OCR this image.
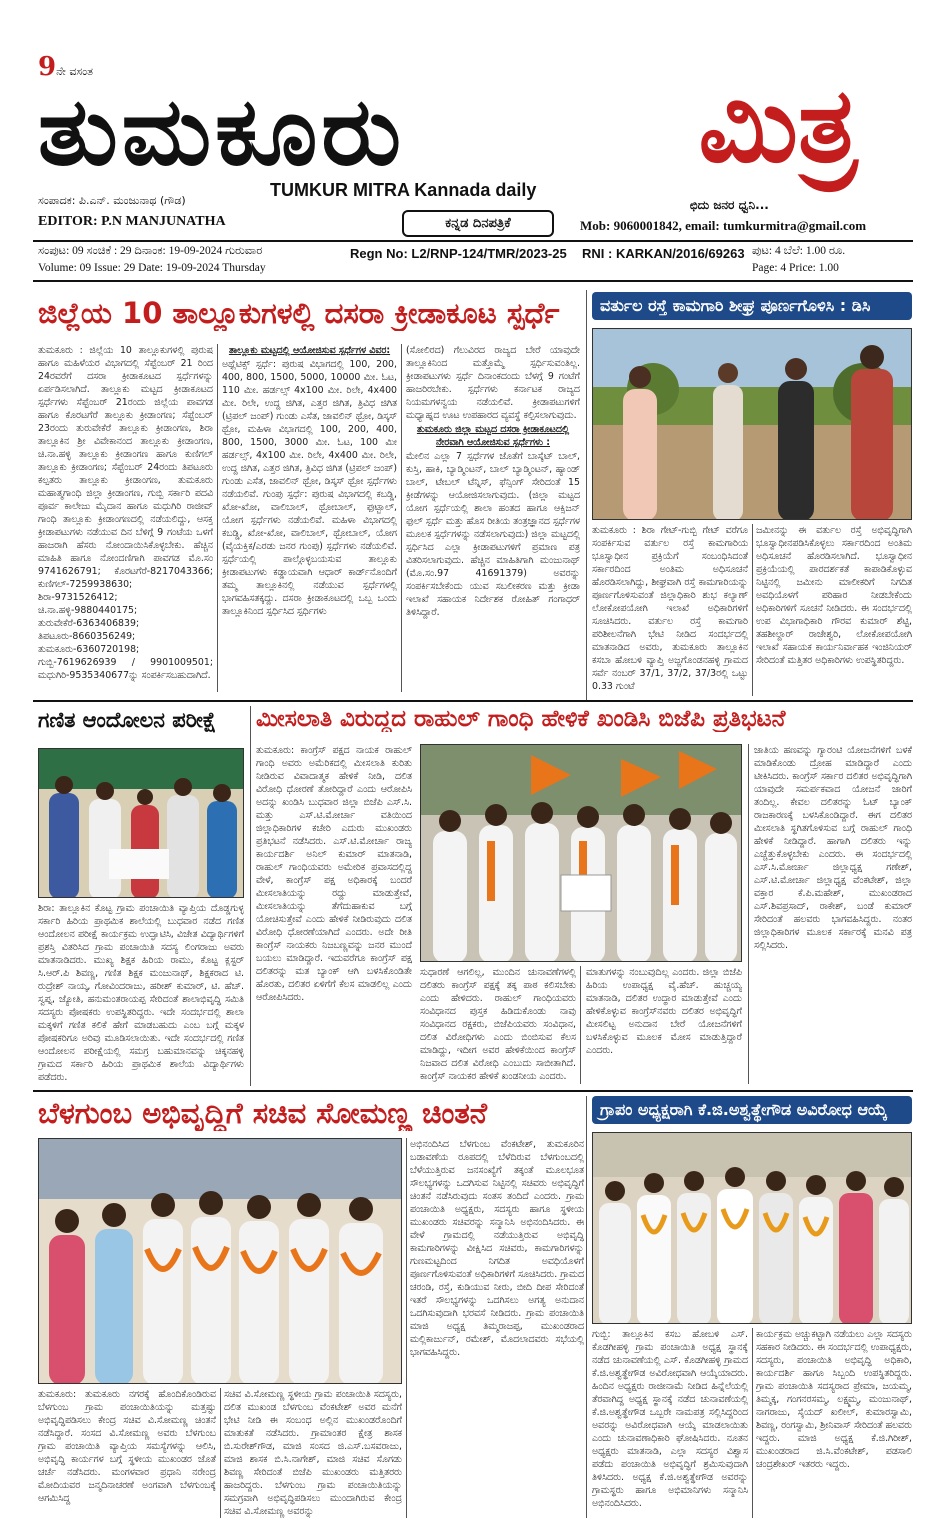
9ನೇ ವಸಂತ
ತುಮಕೂರು	ಮಿತ್ರ
TUMKUR MITRA Kannada daily
ಸಂಪಾದಕ: ಪಿ.ಎನ್. ಮಂಜುನಾಥ (ಗೌಡ)
EDITOR: P.N MANJUNATHA
ಛಿದು ಜನರ ಧ್ವನಿ...
ಕನ್ನಡ ದಿನಪತ್ರಿಕೆ	Mob: 9060001842, email: tumkurmitra@gmail.com
ಸಂಪುಟ: 09 ಸಂಚಿಕೆ : 29 ದಿನಾಂಕ: 19-09-2024 ಗುರುವಾರ
Volume: 09 Issue: 29 Date: 19-09-2024 Thursday
Regn No: L2/RNP-124/TMR/2023-25 RNI : KARKAN/2016/69263 ಪುಟ: 4 ಬೆಲೆ: 1.00 ರೂ.
Page: 4 Price: 1.00
ಜಿಲ್ಲೆಯ 10 ತಾಲ್ಲೂಕುಗಳಲ್ಲಿ ದಸರಾ ಕ್ರೀಡಾಕೂಟ ಸ್ಪರ್ಧೆ

ತುಮಕೂರು : ಜಿಲ್ಲೆಯ 10 ತಾಲ್ಲೂಕುಗಳಲ್ಲಿ ಪುರುಷ ಹಾಗೂ ಮಹಿಳೆಯರ ವಿಭಾಗದಲ್ಲಿ ಸೆಪ್ಟೆಂಬರ್ 21 ರಿಂದ 24ರವರೆಗೆ ದಸರಾ ಕ್ರೀಡಾಕೂಟದ ಸ್ಪರ್ಧೆಗಳನ್ನು ಏರ್ಪಡಿಸಲಾಗಿದೆ. ತಾಲ್ಲೂಕು ಮಟ್ಟದ ಕ್ರೀಡಾಕೂಟದ ಸ್ಪರ್ಧೆಗಳು ಸೆಪ್ಟೆಂಬರ್ 21ರಂದು ಜಿಲ್ಲೆಯ ಪಾವಗಡ ಹಾಗೂ ಕೊರಟಗೆರೆ ತಾಲ್ಲೂಕು ಕ್ರೀಡಾಂಗಣ; ಸೆಪ್ಟೆಂಬರ್ 23ರಂದು ತುರುವೇಕೆರೆ ತಾಲ್ಲೂಕು ಕ್ರೀಡಾಂಗಣ, ಶಿರಾ ತಾಲ್ಲೂಕಿನ ಶ್ರೀ ವಿವೇಕಾನಂದ ತಾಲ್ಲೂಕು ಕ್ರೀಡಾಂಗಣ, ಚಿ.ನಾ.ಹಳ್ಳಿ ತಾಲ್ಲೂಕು ಕ್ರೀಡಾಂಗಣ ಹಾಗೂ ಕುಣಿಗಲ್ ತಾಲ್ಲೂಕು ಕ್ರೀಡಾಂಗಣ; ಸೆಪ್ಟೆಂಬರ್ 24ರಂದು ತಿಪಟೂರು ಕಲ್ಪತರು ತಾಲ್ಲೂಕು ಕ್ರೀಡಾಂಗಣ, ತುಮಕೂರು ಮಹಾತ್ಮಗಾಂಧಿ ಜಿಲ್ಲಾ ಕ್ರೀಡಾಂಗಣ, ಗುಬ್ಬಿ ಸರ್ಕಾರಿ ಪದವಿ ಪೂರ್ವ ಕಾಲೇಜು ಮೈದಾನ ಹಾಗೂ ಮಧುಗಿರಿ ರಾಜೀವ್ ಗಾಂಧಿ ತಾಲ್ಲೂಕು ಕ್ರೀಡಾಂಗಣದಲ್ಲಿ ನಡೆಯಲಿದ್ದು, ಆಸಕ್ತ ಕ್ರೀಡಾಪಟುಗಳು ನಡೆಯುವ ದಿನ ಬೆಳಿಗ್ಗೆ 9 ಗಂಟೆಯ ಒಳಗೆ ಹಾಜರಾಗಿ ಹೆಸರು ನೋಂದಾಯಿಸಿಕೊಳ್ಳಬೇಕು. ಹೆಚ್ಚಿನ ಮಾಹಿತಿ ಹಾಗೂ ನೋಂದಣಿಗಾಗಿ ಪಾವಗಡ ಮೊ.ಸಂ 9741626791; ಕೊರಟಗೆರೆ-8217043366; ಕುಣಿಗಲ್-7259938630; ಶಿರಾ-9731526412; ಚಿ.ನಾ.ಹಳ್ಳಿ-9880440175; ತುರುವೇಕೆರೆ-6363406839; ತಿಪಟೂರು-8660356249; ತುಮಕೂರು-6360720198; ಗುಬ್ಬಿ-7619626939 / 9901009501; ಮಧುಗಿರಿ-9535340677ನ್ನು ಸಂಪರ್ಕಿಸಬಹುದಾಗಿದೆ.

ತಾಲ್ಲೂಕು ಮಟ್ಟದಲ್ಲಿ ಆಯೋಜಿಸುವ ಸ್ಪರ್ಧೆಗಳ ವಿವರ:

ಅಥ್ಲೆಟಿಕ್ಸ್ ಸ್ಪರ್ಧೆ: ಪುರುಷ ವಿಭಾಗದಲ್ಲಿ 100, 200, 400, 800, 1500, 5000, 10000 ಮೀ. ಓಟ, 110 ಮೀ. ಹರ್ಡಲ್ಸ್ 4x100 ಮೀ. ರಿಲೇ, 4x400 ಮೀ. ರಿಲೇ, ಉದ್ದ ಜಿಗಿತ, ಎತ್ತರ ಜಿಗಿತ, ತ್ರಿವಿಧ ಜಿಗಿತ (ಟ್ರಿಪಲ್ ಜಂಪ್) ಗುಂಡು ಎಸೆತ, ಜಾವಲಿನ್ ಥ್ರೋ, ಡಿಸ್ಕಸ್ ಥ್ರೋ, ಮಹಿಳಾ ವಿಭಾಗದಲ್ಲಿ 100, 200, 400, 800, 1500, 3000 ಮೀ. ಓಟ, 100 ಮೀ ಹರ್ಡಲ್ಸ್, 4x100 ಮೀ. ರಿಲೇ, 4x400 ಮೀ. ರಿಲೇ, ಉದ್ದ ಜಿಗಿತ, ಎತ್ತರ ಜಿಗಿತ, ತ್ರಿವಿಧ ಜಿಗಿತ (ಟ್ರಿಪಲ್ ಜಂಪ್) ಗುಂಡು ಎಸೆತ, ಜಾವಲಿನ್ ಥ್ರೋ, ಡಿಸ್ಕಸ್ ಥ್ರೋ ಸ್ಪರ್ಧೆಗಳು ನಡೆಯಲಿವೆ. ಗುಂಪು ಸ್ಪರ್ಧೆ: ಪುರುಷ ವಿಭಾಗದಲ್ಲಿ ಕಬಡ್ಡಿ, ಖೋ-ಖೋ, ವಾಲಿಬಾಲ್, ಥ್ರೋಬಾಲ್, ಫುಟ್ಬಾಲ್, ಯೋಗ ಸ್ಪರ್ಧೆಗಳು ನಡೆಯಲಿವೆ. ಮಹಿಳಾ ವಿಭಾಗದಲ್ಲಿ ಕಬಡ್ಡಿ, ಖೋ-ಖೋ, ವಾಲಿಬಾಲ್, ಥ್ರೋಬಾಲ್, ಯೋಗ (ವೈಯಕ್ತಿಕ/ಎರಡು ಜನರ ಗುಂಪು) ಸ್ಪರ್ಧೆಗಳು ನಡೆಯಲಿವೆ. ಸ್ಪರ್ಧೆಯಲ್ಲಿ ಪಾಲ್ಗೊಳ್ಳಬಯಸುವ ತಾಲ್ಲೂಕು ಕ್ರೀಡಾಪಟುಗಳು ಕಡ್ಡಾಯವಾಗಿ ಆಧಾರ್ ಕಾರ್ಡ್‌ನೊಂದಿಗೆ ತಮ್ಮ ತಾಲ್ಲೂಕಿನಲ್ಲಿ ನಡೆಯುವ ಸ್ಪರ್ಧೆಗಳಲ್ಲಿ ಭಾಗವಹಿಸತಕ್ಕದ್ದು. ದಸರಾ ಕ್ರೀಡಾಕೂಟದಲ್ಲಿ ಒಬ್ಬ ಒಂದು ತಾಲ್ಲೂಕಿನಿಂದ ಸ್ಪರ್ಧಿಸಿದ ಸ್ಪರ್ಧಿಗಳು

(ಸೋಲಿರದ) ಗೆಲುವಿರದ ರಾಜ್ಯದ ಬೇರೆ ಯಾವುದೇ ತಾಲ್ಲೂಕಿನಿಂದ ಮತ್ತೊಮ್ಮೆ ಸ್ಪರ್ಧಿಸುವಂತಿಲ್ಲ. ಕ್ರೀಡಾಪಟುಗಳು ಸ್ಪರ್ಧೆ ದಿನಾಂಕದಂದು ಬೆಳಗ್ಗೆ 9 ಗಂಟೆಗೆ ಹಾಜರಿರಬೇಕು. ಸ್ಪರ್ಧೆಗಳು ಕರ್ನಾಟಕ ರಾಜ್ಯದ ನಿಯಮಗಳನ್ವಯ ನಡೆಯಲಿವೆ. ಕ್ರೀಡಾಪಟುಗಳಿಗೆ ಮಧ್ಯಾಹ್ನದ ಊಟ ಉಪಹಾರದ ವ್ಯವಸ್ಥೆ ಕಲ್ಪಿಸಲಾಗುವುದು.

ತುಮಕೂರು ಜಿಲ್ಲಾ ಮಟ್ಟದ ದಸರಾ ಕ್ರೀಡಾಕೂಟದಲ್ಲಿ ನೇರವಾಗಿ ಆಯೋಜಿಸುವ ಸ್ಪರ್ಧೆಗಳು :

ಮೇಲಿನ ಎಲ್ಲಾ 7 ಸ್ಪರ್ಧೆಗಳ ಜೊತೆಗೆ ಬಾಸ್ಕೆಟ್ ಬಾಲ್, ಕುಸ್ತಿ, ಹಾಕಿ, ಬ್ಯಾಡ್ಮಿಂಟನ್, ಬಾಲ್ ಬ್ಯಾಡ್ಮಿಂಟನ್, ಹ್ಯಾಂಡ್ ಬಾಲ್, ಟೇಬಲ್ ಟೆನ್ನಿಸ್, ಫೆನ್ಸಿಂಗ್ ಸೇರಿದಂತೆ 15 ಕ್ರೀಡೆಗಳನ್ನು ಆಯೋಜಿಸಲಾಗುವುದು. (ಜಿಲ್ಲಾ ಮಟ್ಟದ ಯೋಗ ಸ್ಪರ್ಧೆಯಲ್ಲಿ ಶಾಲಾ ಹಂತದ ಹಾಗೂ ಆಕ್ಸಿಜನ್ ಫುಲ್ ಸ್ಪರ್ಧೆ ಮತ್ತು ಹೊಸ ರೀತಿಯ ತಂತ್ರಜ್ಞಾನದ ಸ್ಪರ್ಧೆಗಳ ಮೂಲಕ ಸ್ಪರ್ಧೆಗಳನ್ನು ನಡೆಸಲಾಗುವುದು) ಜಿಲ್ಲಾ ಮಟ್ಟದಲ್ಲಿ ಸ್ಪರ್ಧಿಸಿದ ಎಲ್ಲಾ ಕ್ರೀಡಾಪಟುಗಳಿಗೆ ಪ್ರಮಾಣ ಪತ್ರ ವಿತರಿಸಲಾಗುವುದು. ಹೆಚ್ಚಿನ ಮಾಹಿತಿಗಾಗಿ ಮಂಜುನಾಥ್ (ಮೊ.ಸಂ.97 41691379) ಅವರನ್ನು ಸಂಪರ್ಕಿಸಬೇಕೆಂದು ಯುವ ಸಬಲೀಕರಣ ಮತ್ತು ಕ್ರೀಡಾ ಇಲಾಖೆ ಸಹಾಯಕ ನಿರ್ದೇಶಕ ರೋಹಿತ್ ಗಂಗಾಧರ್ ತಿಳಿಸಿದ್ದಾರೆ.

ವರ್ತುಲ ರಸ್ತೆ ಕಾಮಗಾರಿ ಶೀಘ್ರ ಪೂರ್ಣಗೊಳಿಸಿ : ಡಿಸಿ

ತುಮಕೂರು : ಶಿರಾ ಗೇಟ್-ಗುಬ್ಬಿ ಗೇಟ್ ವರೆಗೂ ಸಂಪರ್ಕಿಸುವ ವರ್ತುಲ ರಸ್ತೆ ಕಾಮಗಾರಿಯ ಭೂಸ್ವಾಧೀನ ಪ್ರಕ್ರಿಯೆಗೆ ಸಂಬಂಧಿಸಿದಂತೆ ಸರ್ಕಾರದಿಂದ ಅಂತಿಮ ಅಧಿಸೂಚನೆ ಹೊರಡಿಸಲಾಗಿದ್ದು, ಶೀಘ್ರವಾಗಿ ರಸ್ತೆ ಕಾಮಗಾರಿಯನ್ನು ಪೂರ್ಣಗೊಳಿಸುವಂತೆ ಜಿಲ್ಲಾಧಿಕಾರಿ ಶುಭ ಕಲ್ಯಾಣ್ ಲೋಕೋಪಯೋಗಿ ಇಲಾಖೆ ಅಧಿಕಾರಿಗಳಿಗೆ ಸೂಚಿಸಿದರು. ವರ್ತುಲ ರಸ್ತೆ ಕಾಮಗಾರಿ ಪರಿಶೀಲನೆಗಾಗಿ ಭೇಟಿ ನೀಡಿದ ಸಂದರ್ಭದಲ್ಲಿ ಮಾತನಾಡಿದ ಅವರು, ತುಮಕೂರು ತಾಲ್ಲೂಕಿನ ಕಸಬಾ ಹೋಬಳಿ ವ್ಯಾಪ್ತಿ ಅಜ್ಜಗೊಂಡನಹಳ್ಳಿ ಗ್ರಾಮದ ಸರ್ವೆ ನಂಬರ್ 37/1, 37/2, 37/3ರಲ್ಲಿ ಒಟ್ಟು 0.33 ಗುಂಟೆ

ಜಮೀನನ್ನು ಈ ವರ್ತುಲ ರಸ್ತೆ ಅಭಿವೃದ್ಧಿಗಾಗಿ ಭೂಸ್ವಾಧೀನಪಡಿಸಿಕೊಳ್ಳಲು ಸರ್ಕಾರದಿಂದ ಅಂತಿಮ ಅಧಿಸೂಚನೆ ಹೊರಡಿಸಲಾಗಿದೆ. ಭೂಸ್ವಾಧೀನ ಪ್ರಕ್ರಿಯೆಯಲ್ಲಿ ಪಾರದರ್ಶಕತೆ ಕಾಪಾಡಿಕೊಳ್ಳುವ ನಿಟ್ಟಿನಲ್ಲಿ ಜಮೀನು ಮಾಲೀಕರಿಗೆ ನಿಗದಿತ ಅವಧಿಯೊಳಗೆ ಪರಿಹಾರ ನೀಡಬೇಕೆಂದು ಅಧಿಕಾರಿಗಳಿಗೆ ಸೂಚನೆ ನೀಡಿದರು. ಈ ಸಂದರ್ಭದಲ್ಲಿ ಉಪ ವಿಭಾಗಾಧಿಕಾರಿ ಗೌರವ ಕುಮಾರ್ ಶೆಟ್ಟಿ, ತಹಶೀಲ್ದಾರ್ ರಾಜೇಶ್ವರಿ, ಲೋಕೋಪಯೋಗಿ ಇಲಾಖೆ ಸಹಾಯಕ ಕಾರ್ಯನಿರ್ವಾಹಕ ಇಂಜಿನಿಯರ್ ಸೇರಿದಂತೆ ಮತ್ತಿತರ ಅಧಿಕಾರಿಗಳು ಉಪಸ್ಥಿತರಿದ್ದರು.

ಗಣಿತ ಆಂದೋಲನ ಪರೀಕ್ಷೆ

ಶಿರಾ: ತಾಲ್ಲೂಕಿನ ಕೊಟ್ಟ ಗ್ರಾಮ ಪಂಚಾಯಿತಿ ವ್ಯಾಪ್ತಿಯ ದೊಡ್ಡಗುಳ್ಳ ಸರ್ಕಾರಿ ಹಿರಿಯ ಪ್ರಾಥಮಿಕ ಶಾಲೆಯಲ್ಲಿ ಬುಧವಾರ ನಡೆದ ಗಣಿತ ಆಂದೋಲನ ಪರೀಕ್ಷೆ ಕಾರ್ಯಕ್ರಮ ಉದ್ಘಾಟಿಸಿ, ವಿಜೇತ ವಿದ್ಯಾರ್ಥಿಗಳಿಗೆ ಪ್ರಶಸ್ತಿ ವಿತರಿಸಿದ ಗ್ರಾಮ ಪಂಚಾಯಿತಿ ಸದಸ್ಯ ಲಿಂಗರಾಜು ಅವರು ಮಾತನಾಡಿದರು. ಮುಖ್ಯ ಶಿಕ್ಷಕ ಹಿರಿಯ ರಾಮು, ಕೊಟ್ಟ ಕ್ಲಸ್ಟರ್ ಸಿ.ಆರ್.ಪಿ ಶಿವಣ್ಣ, ಗಣಿತ ಶಿಕ್ಷಕ ಮಂಜುನಾಥ್, ಶಿಕ್ಷಕರಾದ ಟಿ. ರುದ್ರೇಶ್ ನಾಯ್ಕ, ಗೋವಿಂದರಾಜು, ಹರೀಶ್ ಕುಮಾರ್, ಟಿ. ಹೆಚ್. ಸ್ವಪ್ನ, ಜ್ಯೋತಿ, ಹನುಮಂತರಾಯಪ್ಪ ಸೇರಿದಂತೆ ಶಾಲಾಭಿವೃದ್ಧಿ ಸಮಿತಿ ಸದಸ್ಯರು ಪೋಷಕರು ಉಪಸ್ಥಿತರಿದ್ದರು. ಇದೇ ಸಂದರ್ಭದಲ್ಲಿ ಶಾಲಾ ಮಕ್ಕಳಿಗೆ ಗಣಿತ ಕಲಿಕೆ ಹೇಗೆ ಮಾಡಬಹುದು ಎಂಬ ಬಗ್ಗೆ ಮಕ್ಕಳ ಪೋಷಕರಿಗೂ ಅರಿವು ಮೂಡಿಸಲಾಯಿತು. ಇದೇ ಸಂದರ್ಭದಲ್ಲಿ ಗಣಿತ ಆಂದೋಲನ ಪರೀಕ್ಷೆಯಲ್ಲಿ ಸಮಗ್ರ ಬಹುಮಾನವನ್ನು ಚಿಕ್ಕನಹಳ್ಳಿ ಗ್ರಾಮದ ಸರ್ಕಾರಿ ಹಿರಿಯ ಪ್ರಾಥಮಿಕ ಶಾಲೆಯ ವಿದ್ಯಾರ್ಥಿಗಳು ಪಡೆದರು.

ಮೀಸಲಾತಿ ವಿರುದ್ಧದ ರಾಹುಲ್ ಗಾಂಧಿ ಹೇಳಿಕೆ ಖಂಡಿಸಿ ಬಿಜೆಪಿ ಪ್ರತಿಭಟನೆ

ತುಮಕೂರು: ಕಾಂಗ್ರೆಸ್ ಪಕ್ಷದ ನಾಯಕ ರಾಹುಲ್ ಗಾಂಧಿ ಅವರು ಅಮೆರಿಕದಲ್ಲಿ ಮೀಸಲಾತಿ ಕುರಿತು ನೀಡಿರುವ ವಿವಾದಾತ್ಮಕ ಹೇಳಿಕೆ ನೀಡಿ, ದಲಿತ ವಿರೋಧಿ ಧೋರಣೆ ತೋರಿದ್ದಾರೆ ಎಂದು ಆರೋಪಿಸಿ ಅದನ್ನು ಖಂಡಿಸಿ ಬುಧವಾರ ಜಿಲ್ಲಾ ಬಿಜೆಪಿ ಎಸ್.ಸಿ. ಮತ್ತು ಎಸ್.ಟಿ.ಮೋರ್ಚಾ ವತಿಯಿಂದ ಜಿಲ್ಲಾಧಿಕಾರಿಗಳ ಕಚೇರಿ ಎದುರು ಮುಖಂಡರು ಪ್ರತಿಭಟನೆ ನಡೆಸಿದರು. ಎಸ್.ಟಿ.ಮೋರ್ಚಾ ರಾಜ್ಯ ಕಾರ್ಯದರ್ಶಿ ಅನಿಲ್ ಕುಮಾರ್ ಮಾತನಾಡಿ, ರಾಹುಲ್ ಗಾಂಧಿಯವರು ಅಮೇರಿಕ ಪ್ರವಾಸದಲ್ಲಿದ್ದ ವೇಳೆ, ಕಾಂಗ್ರೆಸ್ ಪಕ್ಷ ಅಧಿಕಾರಕ್ಕೆ ಬಂದರೆ ಮೀಸಲಾತಿಯನ್ನು ರದ್ದು ಮಾಡುತ್ತೇವೆ, ಮೀಸಲಾತಿಯನ್ನು ತೆಗೆದುಹಾಕುವ ಬಗ್ಗೆ ಯೋಚಿಸುತ್ತೇವೆ ಎಂದು ಹೇಳಿಕೆ ನೀಡಿರುವುದು ದಲಿತ ವಿರೋಧಿ ಧೋರಣೆಯಾಗಿದೆ ಎಂದರು. ಅದೇ ರೀತಿ ಕಾಂಗ್ರೆಸ್ ನಾಯಕರು ನಿಜಬಣ್ಣವನ್ನು ಜನರ ಮುಂದೆ ಬಯಲು ಮಾಡಿದ್ದಾರೆ. ಇದುವರೆಗೂ ಕಾಂಗ್ರೆಸ್ ಪಕ್ಷ ದಲಿತರನ್ನು ಮತ ಬ್ಯಾಂಕ್ ಆಗಿ ಬಳಸಿಕೊಂಡಿತೇ ಹೊರತು, ದಲಿತರ ಏಳಿಗೆಗೆ ಕೆಲಸ ಮಾಡಲಿಲ್ಲ ಎಂದು ಆರೋಪಿಸಿದರು.

ಸುಧಾರಣೆ ಆಗಲಿಲ್ಲ, ಮುಂದಿನ ಚುನಾವಣೆಗಳಲ್ಲಿ ದಲಿತರು ಕಾಂಗ್ರೆಸ್ ಪಕ್ಷಕ್ಕೆ ತಕ್ಕ ಪಾಠ ಕಲಿಸಬೇಕು ಎಂದು ಹೇಳಿದರು. ರಾಹುಲ್ ಗಾಂಧಿಯವರು ಸಂವಿಧಾನದ ಪುಸ್ತಕ ಹಿಡಿದುಕೊಂಡು ನಾವು ಸಂವಿಧಾನದ ರಕ್ಷಕರು, ಬಿಜೆಪಿಯವರು ಸಂವಿಧಾನ, ದಲಿತ ವಿರೋಧಿಗಳು ಎಂದು ಬಿಂಬಿಸುವ ಕೆಲಸ ಮಾಡಿದ್ದು, ಇದೀಗ ಅವರ ಹೇಳಿಕೆಯಿಂದ ಕಾಂಗ್ರೆಸ್ ನಿಜವಾದ ದಲಿತ ವಿರೋಧಿ ಎಂಬುದು ಸಾಬೀತಾಗಿದೆ. ಕಾಂಗ್ರೆಸ್ ನಾಯಕರ ಹೇಳಿಕೆ ಖಂಡನೀಯ ಎಂದರು.

ಮಾತುಗಳನ್ನು ನಂಬುವುದಿಲ್ಲ ಎಂದರು. ಜಿಲ್ಲಾ ಬಿಜೆಪಿ ಹಿರಿಯ ಉಪಾಧ್ಯಕ್ಷ ವೈ.ಹೆಚ್. ಹುಚ್ಚಯ್ಯ ಮಾತನಾಡಿ, ದಲಿತರ ಉದ್ಧಾರ ಮಾಡುತ್ತೇವೆ ಎಂದು ಹೇಳಿಕೊಳ್ಳುವ ಕಾಂಗ್ರೆಸ್‌ನವರು ದಲಿತರ ಅಭಿವೃದ್ಧಿಗೆ ಮೀಸಲಿಟ್ಟ ಅನುದಾನ ಬೇರೆ ಯೋಜನೆಗಳಿಗೆ ಬಳಸಿಕೊಳ್ಳುವ ಮೂಲಕ ಮೋಸ ಮಾಡುತ್ತಿದ್ದಾರೆ ಎಂದರು.

ಜಾತಿಯ ಹಣವನ್ನು ಗ್ಯಾರಂಟಿ ಯೋಜನೆಗಳಿಗೆ ಬಳಕೆ ಮಾಡಿಕೊಂಡು ದ್ರೋಹ ಮಾಡಿದ್ದಾರೆ ಎಂದು ಟೀಕಿಸಿದರು. ಕಾಂಗ್ರೆಸ್ ಸರ್ಕಾರ ದಲಿತರ ಅಭಿವೃದ್ಧಿಗಾಗಿ ಯಾವುದೇ ಸಮರ್ಪಕವಾದ ಯೋಜನೆ ಜಾರಿಗೆ ತಂದಿಲ್ಲ. ಕೇವಲ ದಲಿತರನ್ನು ಓಟ್ ಬ್ಯಾಂಕ್ ರಾಜಕಾರಣಕ್ಕೆ ಬಳಸಿಕೊಂಡಿದ್ದಾರೆ. ಈಗ ದಲಿತರ ಮೀಸಲಾತಿ ಸ್ಥಗಿತಗೊಳಿಸುವ ಬಗ್ಗೆ ರಾಹುಲ್ ಗಾಂಧಿ ಹೇಳಿಕೆ ನೀಡಿದ್ದಾರೆ. ಹಾಗಾಗಿ ದಲಿತರು ಇನ್ನು ಎಚ್ಚೆತ್ತುಕೊಳ್ಳಬೇಕು ಎಂದರು. ಈ ಸಂದರ್ಭದಲ್ಲಿ ಎಸ್.ಸಿ.ಮೋರ್ಚಾ ಜಿಲ್ಲಾಧ್ಯಕ್ಷ ಗಣೇಶ್, ಎಸ್.ಟಿ.ಮೋರ್ಚಾ ಜಿಲ್ಲಾಧ್ಯಕ್ಷ ವೆಂಕಟೇಶ್, ಜಿಲ್ಲಾ ವಕ್ತಾರ ಕೆ.ಪಿ.ಮಹೇಶ್, ಮುಖಂಡರಾದ ಎಸ್.ಶಿವಪ್ರಸಾದ್, ರಾಕೇಶ್, ಬಂಡೆ ಕುಮಾರ್ ಸೇರಿದಂತೆ ಹಲವರು ಭಾಗವಹಿಸಿದ್ದರು. ನಂತರ ಜಿಲ್ಲಾಧಿಕಾರಿಗಳ ಮೂಲಕ ಸರ್ಕಾರಕ್ಕೆ ಮನವಿ ಪತ್ರ ಸಲ್ಲಿಸಿದರು.

ಬೆಳಗುಂಬ ಅಭಿವೃದ್ಧಿಗೆ ಸಚಿವ ಸೋಮಣ್ಣ ಚಿಂತನೆ

ತುಮಕೂರು: ತುಮಕೂರು ನಗರಕ್ಕೆ ಹೊಂದಿಕೊಂಡಿರುವ ಬೆಳಗುಂಬ ಗ್ರಾಮ ಪಂಚಾಯಿತಿಯನ್ನು ಮತ್ತಷ್ಟು ಅಭಿವೃದ್ಧಿಪಡಿಸಲು ಕೇಂದ್ರ ಸಚಿವ ವಿ.ಸೋಮಣ್ಣ ಚಿಂತನೆ ನಡೆಸಿದ್ದಾರೆ. ಸಂಸದ ವಿ.ಸೋಮಣ್ಣ ಅವರು ಬೆಳಗುಂಬ ಗ್ರಾಮ ಪಂಚಾಯಿತಿ ವ್ಯಾಪ್ತಿಯ ಸಮಸ್ಯೆಗಳನ್ನು ಆಲಿಸಿ, ಅಭಿವೃದ್ಧಿ ಕಾರ್ಯಗಳ ಬಗ್ಗೆ ಸ್ಥಳೀಯ ಮುಖಂಡರ ಜೊತೆ ಚರ್ಚೆ ನಡೆಸಿದರು. ಮಂಗಳವಾರ ಪ್ರಧಾನಿ ನರೇಂದ್ರ ಮೋದಿಯವರ ಜನ್ಮದಿನಾಚರಣೆ ಅಂಗವಾಗಿ ಬೆಳಗುಂಬಕ್ಕೆ ಆಗಮಿಸಿದ್ದ

ಸಚಿವ ವಿ.ಸೋಮಣ್ಣ ಸ್ಥಳೀಯ ಗ್ರಾಮ ಪಂಚಾಯಿತಿ ಸದಸ್ಯರು, ದಲಿತ ಮುಖಂಡ ಬೆಳಗುಂಬ ವೆಂಕಟೇಶ್ ಅವರ ಮನೆಗೆ ಭೇಟಿ ನೀಡಿ ಈ ಸಂಬಂಧ ಅಲ್ಲಿನ ಮುಖಂಡರೊಂದಿಗೆ ಮಾತುಕತೆ ನಡೆಸಿದರು. ಗ್ರಾಮಾಂತರ ಕ್ಷೇತ್ರ ಶಾಸಕ ಬಿ.ಸುರೇಶ್‌ಗೌಡ, ಮಾಜಿ ಸಂಸದ ಜಿ.ಎಸ್.ಬಸವರಾಜು, ಮಾಜಿ ಶಾಸಕ ಬಿ.ಸಿ.ನಾಗೇಶ್, ಮಾಜಿ ಸಚಿವ ಸೊಗಡು ಶಿವಣ್ಣ ಸೇರಿದಂತೆ ಬಿಜೆಪಿ ಮುಖಂಡರು ಮತ್ತಿತರರು ಹಾಜರಿದ್ದರು. ಬೆಳಗುಂಬ ಗ್ರಾಮ ಪಂಚಾಯಿತಿಯನ್ನು ಸಮಗ್ರವಾಗಿ ಅಭಿವೃದ್ಧಿಪಡಿಸಲು ಮುಂದಾಗಿರುವ ಕೇಂದ್ರ ಸಚಿವ ವಿ.ಸೋಮಣ್ಣ ಅವರನ್ನು

ಅಭಿನಂದಿಸಿದ ಬೆಳಗುಂಬ ವೆಂಕಟೇಶ್, ತುಮಕೂರಿನ ಬಡಾವಣೆಯ ರೂಪದಲ್ಲಿ ಬೆಳೆದಿರುವ ಬೆಳಗುಂಬದಲ್ಲಿ ಬೆಳೆಯುತ್ತಿರುವ ಜನಸಂಖ್ಯೆಗೆ ತಕ್ಕಂತೆ ಮೂಲಭೂತ ಸೌಲಭ್ಯಗಳನ್ನು ಒದಗಿಸುವ ನಿಟ್ಟಿನಲ್ಲಿ ಸಚಿವರು ಅಭಿವೃದ್ಧಿಗೆ ಚಿಂತನೆ ನಡೆಸಿರುವುದು ಸಂತಸ ತಂದಿದೆ ಎಂದರು. ಗ್ರಾಮ ಪಂಚಾಯಿತಿ ಅಧ್ಯಕ್ಷರು, ಸದಸ್ಯರು ಹಾಗೂ ಸ್ಥಳೀಯ ಮುಖಂಡರು ಸಚಿವರನ್ನು ಸನ್ಮಾನಿಸಿ ಅಭಿನಂದಿಸಿದರು. ಈ ವೇಳೆ ಗ್ರಾಮದಲ್ಲಿ ನಡೆಯುತ್ತಿರುವ ಅಭಿವೃದ್ಧಿ ಕಾಮಗಾರಿಗಳನ್ನು ವೀಕ್ಷಿಸಿದ ಸಚಿವರು, ಕಾಮಗಾರಿಗಳನ್ನು ಗುಣಮಟ್ಟದಿಂದ ನಿಗದಿತ ಅವಧಿಯೊಳಗೆ ಪೂರ್ಣಗೊಳಿಸುವಂತೆ ಅಧಿಕಾರಿಗಳಿಗೆ ಸೂಚಿಸಿದರು. ಗ್ರಾಮದ ಚರಂಡಿ, ರಸ್ತೆ, ಕುಡಿಯುವ ನೀರು, ಬೀದಿ ದೀಪ ಸೇರಿದಂತೆ ಇತರೆ ಸೌಲಭ್ಯಗಳನ್ನು ಒದಗಿಸಲು ಅಗತ್ಯ ಅನುದಾನ ಒದಗಿಸುವುದಾಗಿ ಭರವಸೆ ನೀಡಿದರು. ಗ್ರಾಮ ಪಂಚಾಯಿತಿ ಮಾಜಿ ಅಧ್ಯಕ್ಷ ತಿಮ್ಮರಾಜಪ್ಪ, ಮುಖಂಡರಾದ ಮಲ್ಲಿಕಾರ್ಜುನ್, ರಮೇಶ್, ಮೊದಲಾದವರು ಸಭೆಯಲ್ಲಿ ಭಾಗವಹಿಸಿದ್ದರು.

ಗ್ರಾಪಂ ಅಧ್ಯಕ್ಷರಾಗಿ ಕೆ.ಜಿ.ಅಶ್ವತ್ಥೇಗೌಡ ಅವಿರೋಧ ಆಯ್ಕೆ

ಗುಬ್ಬಿ: ತಾಲ್ಲೂಕಿನ ಕಸಬ ಹೋಬಳಿ ಎಸ್. ಕೊಡಗೀಹಳ್ಳಿ ಗ್ರಾಮ ಪಂಚಾಯಿತಿ ಅಧ್ಯಕ್ಷ ಸ್ಥಾನಕ್ಕೆ ನಡೆದ ಚುನಾವಣೆಯಲ್ಲಿ ಎಸ್. ಕೊಡಗೀಹಳ್ಳಿ ಗ್ರಾಮದ ಕೆ.ಜಿ.ಅಶ್ವತ್ಥೇಗೌಡ ಅವಿರೋಧವಾಗಿ ಆಯ್ಕೆಯಾದರು. ಹಿಂದಿನ ಅಧ್ಯಕ್ಷರು ರಾಜೀನಾಮೆ ನೀಡಿದ ಹಿನ್ನೆಲೆಯಲ್ಲಿ ತೆರವಾಗಿದ್ದ ಅಧ್ಯಕ್ಷ ಸ್ಥಾನಕ್ಕೆ ನಡೆದ ಚುನಾವಣೆಯಲ್ಲಿ ಕೆ.ಜಿ.ಅಶ್ವತ್ಥೇಗೌಡ ಒಬ್ಬರೇ ನಾಮಪತ್ರ ಸಲ್ಲಿಸಿದ್ದರಿಂದ ಅವರನ್ನು ಅವಿರೋಧವಾಗಿ ಆಯ್ಕೆ ಮಾಡಲಾಯಿತು ಎಂದು ಚುನಾವಣಾಧಿಕಾರಿ ಘೋಷಿಸಿದರು. ನೂತನ ಅಧ್ಯಕ್ಷರು ಮಾತನಾಡಿ, ಎಲ್ಲಾ ಸದಸ್ಯರ ವಿಶ್ವಾಸ ಪಡೆದು ಪಂಚಾಯಿತಿ ಅಭಿವೃದ್ಧಿಗೆ ಶ್ರಮಿಸುವುದಾಗಿ ತಿಳಿಸಿದರು. ಅಧ್ಯಕ್ಷ ಕೆ.ಜಿ.ಅಶ್ವತ್ಥೇಗೌಡ ಅವರನ್ನು ಗ್ರಾಮಸ್ಥರು ಹಾಗೂ ಅಭಿಮಾನಿಗಳು ಸನ್ಮಾನಿಸಿ ಅಭಿನಂದಿಸಿದರು.

ಕಾರ್ಯಕ್ರಮ ಅಚ್ಚುಕಟ್ಟಾಗಿ ನಡೆಯಲು ಎಲ್ಲಾ ಸದಸ್ಯರು ಸಹಕಾರ ನೀಡಿದರು. ಈ ಸಂದರ್ಭದಲ್ಲಿ ಉಪಾಧ್ಯಕ್ಷರು, ಸದಸ್ಯರು, ಪಂಚಾಯಿತಿ ಅಭಿವೃದ್ಧಿ ಅಧಿಕಾರಿ, ಕಾರ್ಯದರ್ಶಿ ಹಾಗೂ ಸಿಬ್ಬಂದಿ ಉಪಸ್ಥಿತರಿದ್ದರು. ಗ್ರಾಮ ಪಂಚಾಯಿತಿ ಸದಸ್ಯರಾದ ಪ್ರೇಮಾ, ಜಯಮ್ಮ, ತಿಮ್ಮಕ್ಕ, ಗಂಗನರಸಮ್ಮ, ಲಕ್ಷ್ಮಮ್ಮ, ಮಂಜುನಾಥ್, ನಾಗರಾಜು, ಸೈಯದ್ ಖಲೀಲ್, ಕುಮಾರಸ್ವಾಮಿ, ಶಿವಣ್ಣ, ರಂಗಸ್ವಾಮಿ, ಶ್ರೀನಿವಾಸ್ ಸೇರಿದಂತೆ ಹಲವರು ಇದ್ದರು. ಮಾಜಿ ಅಧ್ಯಕ್ಷ ಕೆ.ಜಿ.ಗಿರೀಶ್, ಮುಖಂಡರಾದ ಜಿ.ಸಿ.ವೆಂಕಟೇಶ್, ಪಡಸಾಲಿ ಚಂದ್ರಶೇಖರ್ ಇತರರು ಇದ್ದರು.
